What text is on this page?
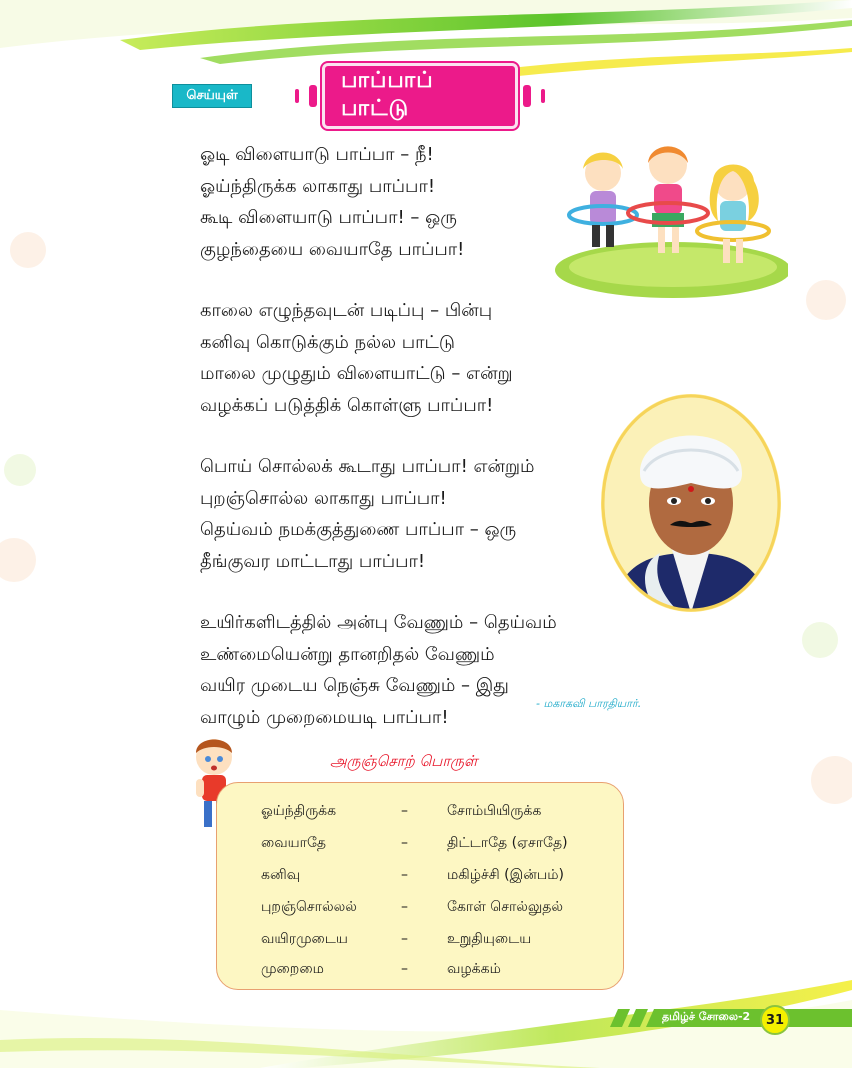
செய்யுள்
பாப்பாப் பாட்டு
ஓடி விளையாடு பாப்பா – நீ!
ஓய்ந்திருக்க லாகாது பாப்பா!
கூடி விளையாடு பாப்பா! – ஒரு
குழந்தையை வையாதே பாப்பா!
காலை எழுந்தவுடன் படிப்பு – பின்பு
கனிவு கொடுக்கும் நல்ல பாட்டு
மாலை முழுதும் விளையாட்டு – என்று
வழக்கப் படுத்திக் கொள்ளு பாப்பா!
பொய் சொல்லக் கூடாது பாப்பா! என்றும்
புறஞ்சொல்ல லாகாது பாப்பா!
தெய்வம் நமக்குத்துணை பாப்பா – ஒரு
தீங்குவர மாட்டாது பாப்பா!
உயிர்களிடத்தில் அன்பு வேணும் – தெய்வம்
உண்மையென்று தானறிதல் வேணும்
வயிர முடைய நெஞ்சு வேணும் – இது
வாழும் முறைமையடி பாப்பா!
- மகாகவி பாரதியார்.
அருஞ்சொற் பொருள்
ஓய்ந்திருக்க	–	சோம்பியிருக்க
வையாதே	–	திட்டாதே (ஏசாதே)
கனிவு	–	மகிழ்ச்சி (இன்பம்)
புறஞ்சொல்லல்	–	கோள் சொல்லுதல்
வயிரமுடைய	–	உறுதியுடைய
முறைமை	–	வழக்கம்
தமிழ்ச் சோலை-2	31
